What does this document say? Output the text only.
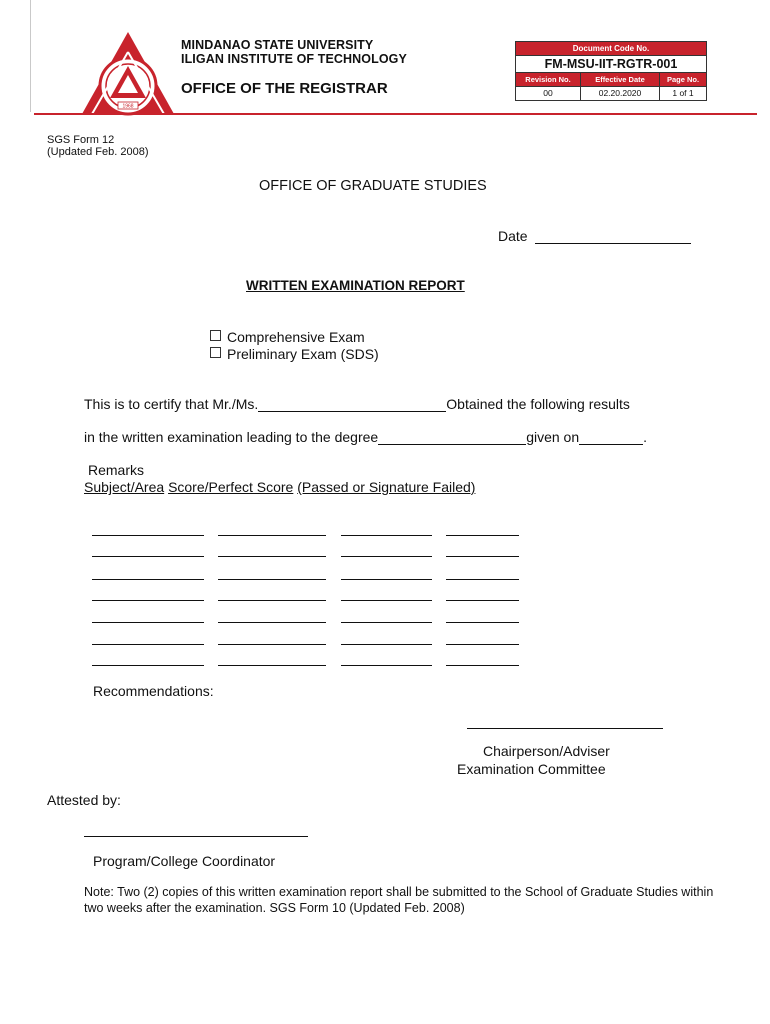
1968
MINDANAO STATE UNIVERSITY
ILIGAN INSTITUTE OF TECHNOLOGY
OFFICE OF THE REGISTRAR
Document Code No.
FM-MSU-IIT-RGTR-001
Revision No.	Effective Date	Page No.
00	02.20.2020	1 of 1
SGS Form 12
(Updated Feb. 2008)
OFFICE OF GRADUATE STUDIES
Date
WRITTEN EXAMINATION REPORT
Comprehensive Exam
Preliminary Exam (SDS)
This is to certify that Mr./Ms.	Obtained the following results
in the written examination leading to the degree	given on	.
Remarks
Subject/Area Score/Perfect Score (Passed or Signature Failed)
Recommendations:
Chairperson/Adviser
Examination Committee
Attested by:
Program/College Coordinator
Note: Two (2) copies of this written examination report shall be submitted to the School of Graduate Studies within two weeks after the examination. SGS Form 10 (Updated Feb. 2008)
